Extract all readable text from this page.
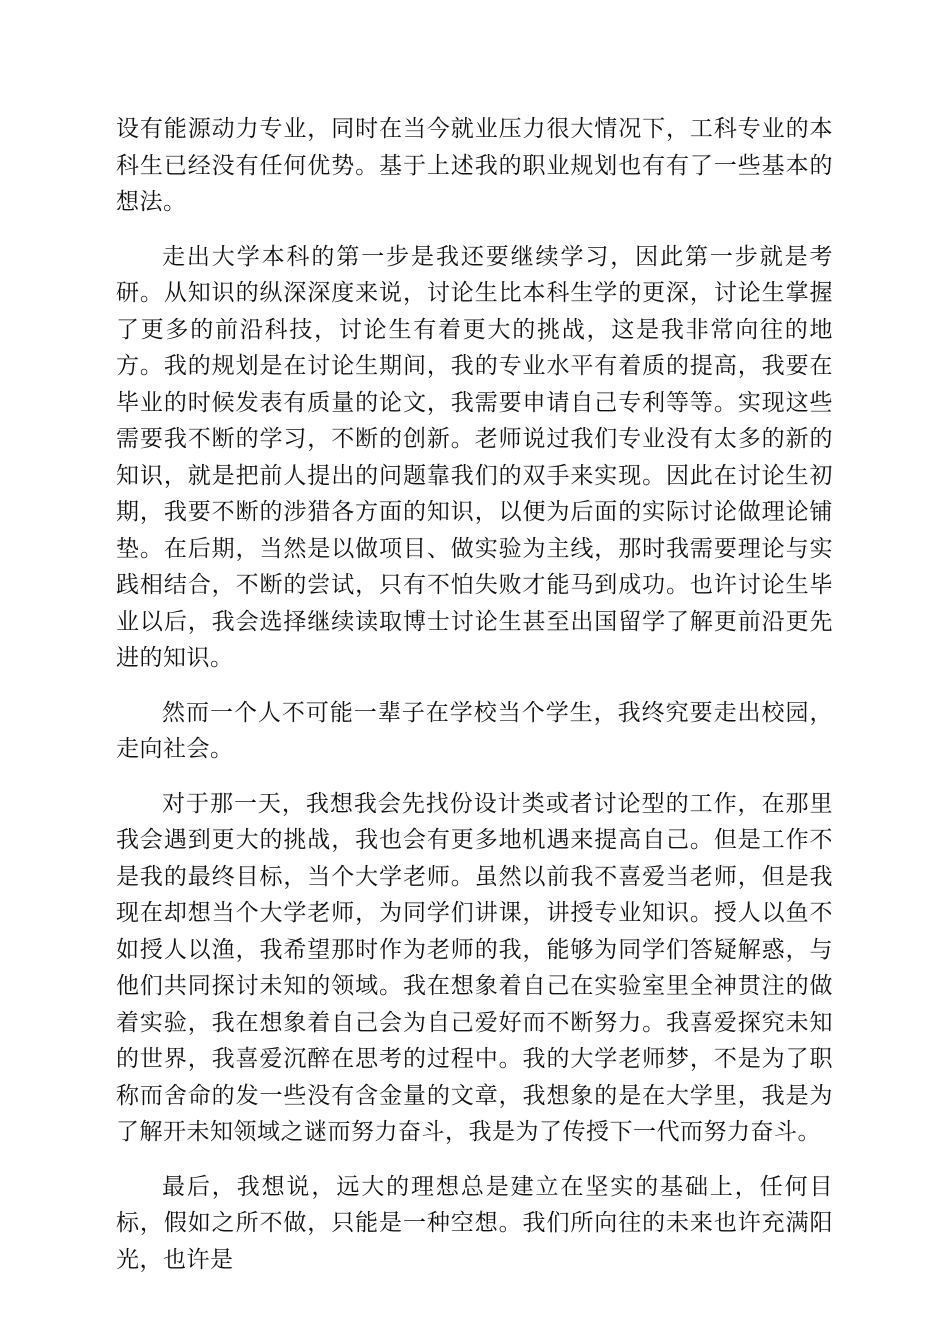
设有能源动力专业，同时在当今就业压力很大情况下，工科专业的本科生已经没有任何优势。基于上述我的职业规划也有有了一些基本的想法。

走出大学本科的第一步是我还要继续学习，因此第一步就是考研。从知识的纵深深度来说，讨论生比本科生学的更深，讨论生掌握了更多的前沿科技，讨论生有着更大的挑战，这是我非常向往的地方。我的规划是在讨论生期间，我的专业水平有着质的提高，我要在毕业的时候发表有质量的论文，我需要申请自己专利等等。实现这些需要我不断的学习，不断的创新。老师说过我们专业没有太多的新的知识，就是把前人提出的问题靠我们的双手来实现。因此在讨论生初期，我要不断的涉猎各方面的知识，以便为后面的实际讨论做理论铺垫。在后期，当然是以做项目、做实验为主线，那时我需要理论与实践相结合，不断的尝试，只有不怕失败才能马到成功。也许讨论生毕业以后，我会选择继续读取博士讨论生甚至出国留学了解更前沿更先进的知识。

然而一个人不可能一辈子在学校当个学生，我终究要走出校园，走向社会。

对于那一天，我想我会先找份设计类或者讨论型的工作，在那里我会遇到更大的挑战，我也会有更多地机遇来提高自己。但是工作不是我的最终目标，当个大学老师。虽然以前我不喜爱当老师，但是我现在却想当个大学老师，为同学们讲课，讲授专业知识。授人以鱼不如授人以渔，我希望那时作为老师的我，能够为同学们答疑解惑，与他们共同探讨未知的领域。我在想象着自己在实验室里全神贯注的做着实验，我在想象着自己会为自己爱好而不断努力。我喜爱探究未知的世界，我喜爱沉醉在思考的过程中。我的大学老师梦，不是为了职称而舍命的发一些没有含金量的文章，我想象的是在大学里，我是为了解开未知领域之谜而努力奋斗，我是为了传授下一代而努力奋斗。

最后，我想说，远大的理想总是建立在坚实的基础上，任何目标，假如之所不做，只能是一种空想。我们所向往的未来也许充满阳光，也许是
